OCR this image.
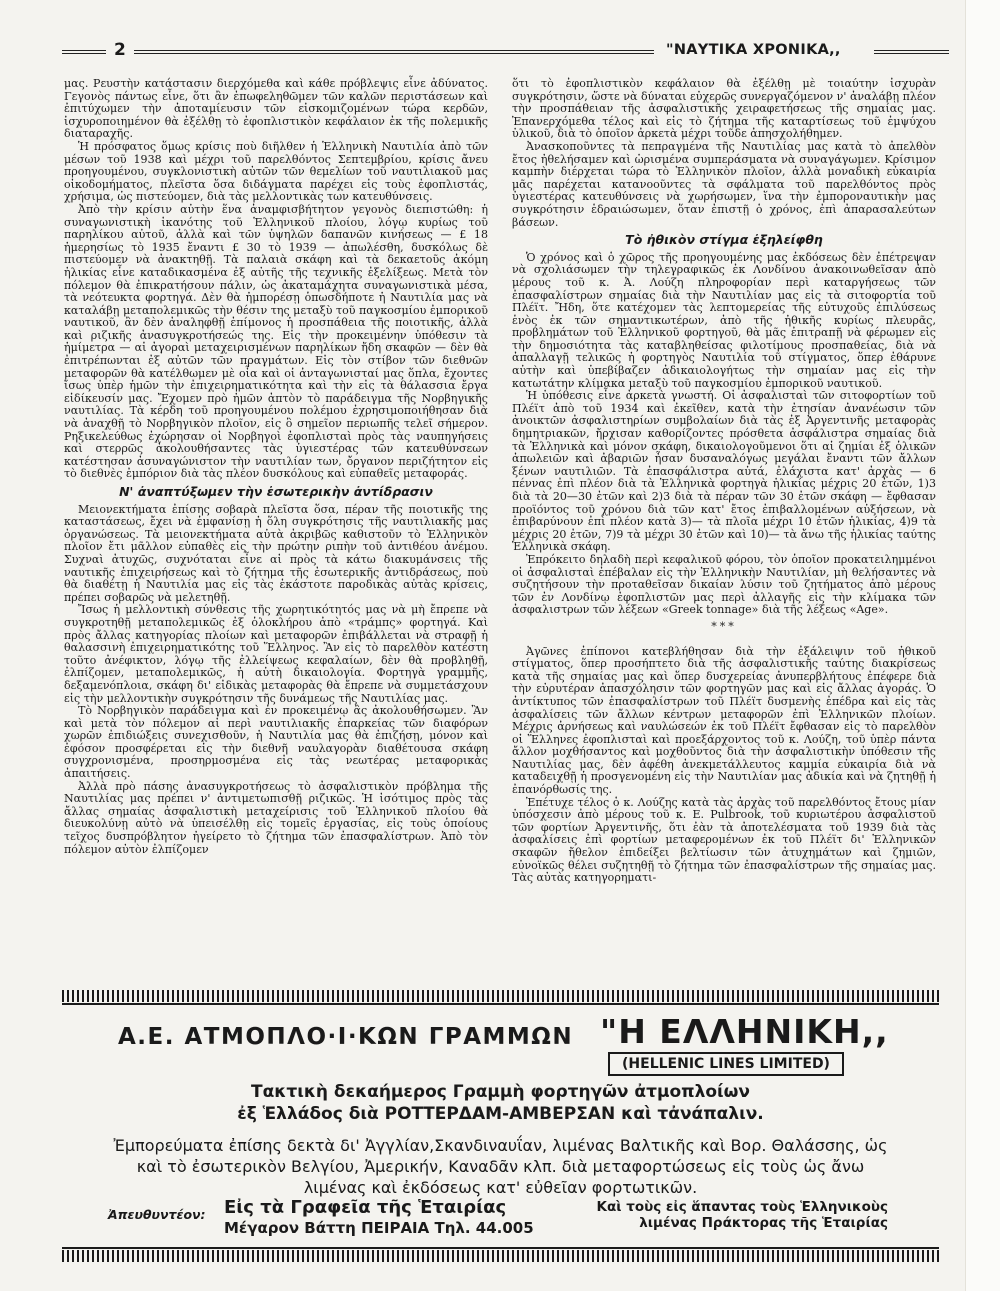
2	"ΝΑΥΤΙΚΑ ΧΡΟΝΙΚΑ,,

μας. Ρευστὴν κατάστασιν διερχόμεθα καὶ κάθε πρόβλεψις εἶνε ἀδύνατος. Γεγονὸς πάντως εἶνε, ὅτι ἂν ἐπωφεληθῶμεν τῶν καλῶν περιστάσεων καὶ ἐπιτύχωμεν τὴν ἀποταμίευσιν τῶν εἰσκομιζομένων τώρα κερδῶν, ἰσχυροποιημένον θὰ ἐξέλθῃ τὸ ἐφοπλιστικὸν κεφάλαιον ἐκ τῆς πολεμικῆς διαταραχῆς.

Ἡ πρόσφατος ὅμως κρίσις ποὺ διῆλθεν ἡ Ἑλληνικὴ Ναυτιλία ἀπὸ τῶν μέσων τοῦ 1938 καὶ μέχρι τοῦ παρελθόντος Σεπτεμβρίου, κρίσις ἄνευ προηγουμένου, συγκλονιστικὴ αὐτῶν τῶν θεμελίων τοῦ ναυτιλιακοῦ μας οἰκοδομήματος, πλεῖστα ὅσα διδάγματα παρέχει εἰς τοὺς ἐφοπλιστάς, χρήσιμα, ὡς πιστεύομεν, διὰ τὰς μελλοντικὰς των κατευθύνσεις.

Ἀπὸ τὴν κρίσιν αὐτὴν ἕνα ἀναμφισβήτητον γεγονὸς διεπιστώθη: ἡ συναγωνιστικὴ ἱκανότης τοῦ Ἑλληνικοῦ πλοίου, λόγῳ κυρίως τοῦ παρηλίκου αὐτοῦ, ἀλλὰ καὶ τῶν ὑψηλῶν δαπανῶν κινήσεως — £ 18 ἡμερησίως τὸ 1935 ἔναντι £ 30 τὸ 1939 — ἀπωλέσθη, δυσκόλως δὲ πιστεύομεν νὰ ἀνακτηθῇ. Τὰ παλαιὰ σκάφη καὶ τὰ δεκαετοῦς ἀκόμη ἡλικίας εἶνε καταδικασμένα ἐξ αὐτῆς τῆς τεχνικῆς ἐξελίξεως. Μετὰ τὸν πόλεμον θὰ ἐπικρατήσουν πάλιν, ὡς ἀκαταμάχητα συναγωνιστικὰ μέσα, τὰ νεότευκτα φορτηγά. Δὲν θὰ ἠμπορέσῃ ὁπωσδήποτε ἡ Ναυτιλία μας νὰ καταλάβῃ μεταπολεμικῶς τὴν θέσιν της μεταξὺ τοῦ παγκοσμίου ἐμπορικοῦ ναυτικοῦ, ἂν δὲν ἀναληφθῇ ἐπίμονος ἡ προσπάθεια τῆς ποιοτικῆς, ἀλλὰ καὶ ριζικῆς ἀνασυγκροτήσεώς της. Εἰς τὴν προκειμένην ὑπόθεσιν τὰ ἡμίμετρα — αἱ ἀγοραὶ μεταχειρισμένων παρηλίκων ἤδη σκαφῶν — δὲν θὰ ἐπιτρέπωνται ἐξ αὐτῶν τῶν πραγμάτων. Εἰς τὸν στίβον τῶν διεθνῶν μεταφορῶν θὰ κατέλθωμεν μὲ οἷα καὶ οἱ ἀνταγωνισταί μας ὅπλα, ἔχοντες ἴσως ὑπὲρ ἡμῶν τὴν ἐπιχειρηματικότητα καὶ τὴν εἰς τὰ θάλασσια ἔργα εἰδίκευσίν μας. Ἔχομεν πρὸ ἡμῶν ἀπτὸν τὸ παράδειγμα τῆς Νορβηγικῆς ναυτιλίας. Τὰ κέρδη τοῦ προηγουμένου πολέμου ἐχρησιμοποιήθησαν διὰ νὰ ἀναχθῇ τὸ Νορβηγικὸν πλοῖον, εἰς ὃ σημεῖον περιωπῆς τελεῖ σήμερον. Ρηξικελεύθως ἐχώρησαν οἱ Νορβηγοὶ ἐφοπλισταὶ πρὸς τὰς ναυπηγήσεις καὶ στερρῶς ἀκολουθήσαντες τὰς ὑγιεστέρας τῶν κατευθύνσεων κατέστησαν ἀσυναγώνιστον τὴν ναυτιλίαν των, ὄργανον περιζήτητον εἰς τὸ διεθνὲς ἐμπόριον διὰ τὰς πλέον δυσκόλους καὶ εὐπαθεῖς μεταφοράς.

Ν' ἀναπτύξωμεν τὴν ἐσωτερικὴν ἀντίδρασιν

Μειονεκτήματα ἐπίσης σοβαρὰ πλεῖστα ὅσα, πέραν τῆς ποιοτικῆς της καταστάσεως, ἔχει νὰ ἐμφανίσῃ ἡ ὅλη συγκρότησις τῆς ναυτιλιακῆς μας ὀργανώσεως. Τὰ μειονεκτήματα αὐτὰ ἀκριβῶς καθιστοῦν τὸ Ἑλληνικὸν πλοῖον ἔτι μᾶλλον εὐπαθὲς εἰς τὴν πρώτην ριπὴν τοῦ ἀντιθέου ἀνέμου. Συχναὶ ἀτυχῶς, συχνόταται εἶνε αἱ πρὸς τὰ κάτω διακυμάνσεις τῆς ναυτικῆς ἐπιχειρήσεως καὶ τὸ ζήτημα τῆς ἐσωτερικῆς ἀντιδράσεως, ποὺ θὰ διαθέτῃ ἡ Ναυτιλία μας εἰς τὰς ἑκάστοτε παροδικὰς αὐτὰς κρίσεις, πρέπει σοβαρῶς νὰ μελετηθῇ.

Ἴσως ἡ μελλοντικὴ σύνθεσις τῆς χωρητικότητός μας νὰ μὴ ἔπρεπε νὰ συγκροτηθῇ μεταπολεμικῶς ἐξ ὁλοκλήρου ἀπὸ «τράμπς» φορτηγά. Καὶ πρὸς ἄλλας κατηγορίας πλοίων καὶ μεταφορῶν ἐπιβάλλεται νὰ στραφῇ ἡ θαλασσινὴ ἐπιχειρηματικότης τοῦ Ἕλληνος. Ἂν εἰς τὸ παρελθὸν κατέστη τοῦτο ἀνέφικτον, λόγῳ τῆς ἐλλείψεως κεφαλαίων, δὲν θὰ προβληθῇ, ἐλπίζομεν, μεταπολεμικῶς, ἡ αὐτὴ δικαιολογία. Φορτηγὰ γραμμῆς, δεξαμενόπλοια, σκάφη δι' εἰδικὰς μεταφορὰς θὰ ἔπρεπε νὰ συμμετάσχουν εἰς τὴν μελλοντικὴν συγκρότησιν τῆς δυνάμεως τῆς Ναυτιλίας μας.

Τὸ Νορβηγικὸν παράδειγμα καὶ ἐν προκειμένῳ ἂς ἀκολουθήσωμεν. Ἂν καὶ μετὰ τὸν πόλεμον αἱ περὶ ναυτιλιακῆς ἐπαρκείας τῶν διαφόρων χωρῶν ἐπιδιώξεις συνεχισθοῦν, ἡ Ναυτιλία μας θὰ ἐπιζήσῃ, μόνον καὶ ἐφόσον προσφέρεται εἰς τὴν διεθνῆ ναυλαγορὰν διαθέτουσα σκάφη συγχρονισμένα, προσηρμοσμένα εἰς τὰς νεωτέρας μεταφορικὰς ἀπαιτήσεις.

Ἀλλὰ πρὸ πάσης ἀνασυγκροτήσεως τὸ ἀσφαλιστικὸν πρόβλημα τῆς Ναυτιλίας μας πρέπει ν' ἀντιμετωπισθῇ ριζικῶς. Ἡ ἰσότιμος πρὸς τὰς ἄλλας σημαίας ἀσφαλιστικὴ μεταχείρισις τοῦ Ἑλληνικοῦ πλοίου θὰ διευκολύνῃ αὐτὸ νὰ ὑπεισέλθῃ εἰς τομεῖς ἐργασίας, εἰς τοὺς ὁποίους τεῖχος δυσπρόβλητον ἠγείρετο τὸ ζήτημα τῶν ἐπασφαλίστρων. Ἀπὸ τὸν πόλεμον αὐτὸν ἐλπίζομεν

ὅτι τὸ ἐφοπλιστικὸν κεφάλαιον θὰ ἐξέλθῃ μὲ τοιαύτην ἰσχυρὰν συγκρότησιν, ὥστε νὰ δύναται εὐχερῶς συνεργαζόμενον ν' ἀναλάβῃ πλέον τὴν προσπάθειαν τῆς ἀσφαλιστικῆς χειραφετήσεως τῆς σημαίας μας. Ἐπανερχόμεθα τέλος καὶ εἰς τὸ ζήτημα τῆς καταρτίσεως τοῦ ἐμψύχου ὑλικοῦ, διὰ τὸ ὁποῖον ἀρκετὰ μέχρι τοῦδε ἀπησχολήθημεν.

Ἀνασκοποῦντες τὰ πεπραγμένα τῆς Ναυτιλίας μας κατὰ τὸ ἀπελθὸν ἔτος ἠθελήσαμεν καὶ ὡρισμένα συμπεράσματα νὰ συναγάγωμεν. Κρίσιμον καμπὴν διέρχεται τώρα τὸ Ἑλληνικὸν πλοῖον, ἀλλὰ μοναδικὴ εὐκαιρία μᾶς παρέχεται κατανοοῦντες τὰ σφάλματα τοῦ παρελθόντος πρὸς ὑγιεστέρας κατευθύνσεις νὰ χωρήσωμεν, ἵνα τὴν ἐμποροναυτικὴν μας συγκρότησιν ἑδραιώσωμεν, ὅταν ἐπιστῇ ὁ χρόνος, ἐπὶ ἀπαρασαλεύτων βάσεων.

Τὸ ἠθικὸν στίγμα ἐξηλείφθη

Ὁ χρόνος καὶ ὁ χῶρος τῆς προηγουμένης μας ἐκδόσεως δὲν ἐπέτρεψαν νὰ σχολιάσωμεν τὴν τηλεγραφικῶς ἐκ Λονδίνου ἀνακοινωθεῖσαν ἀπὸ μέρους τοῦ κ. Ἀ. Λούζη πληροφορίαν περὶ καταργήσεως τῶν ἐπασφαλίστρων σημαίας διὰ τὴν Ναυτιλίαν μας εἰς τὰ σιτοφορτία τοῦ Πλέϊτ. Ἤδη, ὅτε κατέχομεν τὰς λεπτομερείας τῆς εὐτυχοῦς ἐπιλύσεως ἑνὸς ἐκ τῶν σημαντικωτέρων, ἀπὸ τῆς ἠθικῆς κυρίως πλευρᾶς, προβλημάτων τοῦ Ἑλληνικοῦ φορτηγοῦ, θὰ μᾶς ἐπιτραπῇ νὰ φέρωμεν εἰς τὴν δημοσιότητα τὰς καταβληθείσας φιλοτίμους προσπαθείας, διὰ νὰ ἀπαλλαγῇ τελικῶς ἡ φορτηγὸς Ναυτιλία τοῦ στίγματος, ὅπερ ἐθάρυνε αὐτὴν καὶ ὑπεβίβαζεν ἀδικαιολογήτως τὴν σημαίαν μας εἰς τὴν κατωτάτην κλίμακα μεταξὺ τοῦ παγκοσμίου ἐμπορικοῦ ναυτικοῦ.

Ἡ ὑπόθεσις εἶνε ἀρκετὰ γνωστή. Οἱ ἀσφαλισταὶ τῶν σιτοφορτίων τοῦ Πλέϊτ ἀπὸ τοῦ 1934 καὶ ἐκεῖθεν, κατὰ τὴν ἐτησίαν ἀνανέωσιν τῶν ἀνοικτῶν ἀσφαλιστηρίων συμβολαίων διὰ τὰς ἐξ Ἀργεντινῆς μεταφορὰς δημητριακῶν, ἤρχισαν καθορίζοντες πρόσθετα ἀσφάλιστρα σημαίας διὰ τὰ Ἑλληνικὰ καὶ μόνον σκάφη, δικαιολογοῦμενοι ὅτι αἱ ζημίαι ἐξ ὁλικῶν ἀπωλειῶν καὶ ἀβαριῶν ἦσαν δυσαναλόγως μεγάλαι ἔναντι τῶν ἄλλων ξένων ναυτιλιῶν. Τὰ ἐπασφάλιστρα αὐτά, ἐλάχιστα κατ' ἀρχὰς — 6 πέννας ἐπὶ πλέον διὰ τὰ Ἑλληνικὰ φορτηγὰ ἡλικίας μέχρις 20 ἐτῶν, 1)3 διὰ τὰ 20—30 ἐτῶν καὶ 2)3 διὰ τὰ πέραν τῶν 30 ἐτῶν σκάφη — ἔφθασαν προϊόντος τοῦ χρόνου διὰ τῶν κατ' ἔτος ἐπιβαλλομένων αὐξήσεων, νὰ ἐπιβαρύνουν ἐπὶ πλέον κατὰ 3)— τὰ πλοῖα μέχρι 10 ἐτῶν ἡλικίας, 4)9 τὰ μέχρις 20 ἐτῶν, 7)9 τὰ μέχρι 30 ἐτῶν καὶ 10)— τὰ ἄνω τῆς ἡλικίας ταύτης Ἑλληνικὰ σκάφη.

Ἐπρόκειτο δηλαδὴ περὶ κεφαλικοῦ φόρου, τὸν ὁποῖον προκατειλημμένοι οἱ ἀσφαλισταὶ ἐπέβαλαν εἰς τὴν Ἑλληνικὴν Ναυτιλίαν, μὴ θελήσαντες νὰ συζητήσουν τὴν προταθεῖσαν δικαίαν λύσιν τοῦ ζητήματος ἀπὸ μέρους τῶν ἐν Λονδίνῳ ἐφοπλιστῶν μας περὶ ἀλλαγῆς εἰς τὴν κλίμακα τῶν ἀσφαλιστρων τῶν λέξεων «Greek tonnage» διὰ τῆς λέξεως «Age».

***

Ἀγῶνες ἐπίπονοι κατεβλήθησαν διὰ τὴν ἐξάλειψιν τοῦ ἠθικοῦ στίγματος, ὅπερ προσήπτετο διὰ τῆς ἀσφαλιστικῆς ταύτης διακρίσεως κατὰ τῆς σημαίας μας καὶ ὅπερ δυσχερείας ἀνυπερβλήτους ἐπέφερε διὰ τὴν εὐρυτέραν ἀπασχόλησιν τῶν φορτηγῶν μας καὶ εἰς ἄλλας ἀγοράς. Ὁ ἀντίκτυπος τῶν ἐπασφαλίστρων τοῦ Πλέϊτ δυσμενὴς ἐπέδρα καὶ εἰς τὰς ἀσφαλίσεις τῶν ἄλλων κέντρων μεταφορῶν ἐπὶ Ἑλληνικῶν πλοίων. Μέχρις ἀρνήσεως καὶ ναυλώσεών ἐκ τοῦ Πλέϊτ ἔφθασαν εἰς τὸ παρελθὸν οἱ Ἕλληνες ἐφοπλισταὶ καὶ προεξάρχοντος τοῦ κ. Λούζη, τοῦ ὑπὲρ πάντα ἄλλον μοχθήσαντος καὶ μοχθοῦντος διὰ τὴν ἀσφαλιστικὴν ὑπόθεσιν τῆς Ναυτιλίας μας, δὲν ἀφέθη ἀνεκμετάλλευτος καμμία εὐκαιρία διὰ νὰ καταδειχθῇ ἡ προσγενομένη εἰς τὴν Ναυτιλίαν μας ἀδικία καὶ νὰ ζητηθῇ ἡ ἐπανόρθωσίς της.

Ἐπέτυχε τέλος ὁ κ. Λούζης κατὰ τὰς ἀρχὰς τοῦ παρελθόντος ἔτους μίαν ὑπόσχεσιν ἀπὸ μέρους τοῦ κ. E. Pulbrook, τοῦ κυριωτέρου ἀσφαλιστοῦ τῶν φορτίων Ἀργεντινῆς, ὅτι ἐὰν τὰ ἀποτελέσματα τοῦ 1939 διὰ τὰς ἀσφαλίσεις ἐπὶ φορτίων μεταφερομένων ἐκ τοῦ Πλέϊτ δι' Ἑλληνικῶν σκαφῶν ἤθελον ἐπιδείξει βελτίωσιν τῶν ἀτυχημάτων καὶ ζημιῶν, εὐνοϊκῶς θέλει συζητηθῇ τὸ ζήτημα τῶν ἐπασφαλίστρων τῆς σημαίας μας. Τὰς αὐτὰς κατηγορηματι-

Α.Ε. ΑΤΜΟΠΛΟ·Ι·ΚΩΝ ΓΡΑΜΜΩΝ "Η ΕΛΛΗΝΙΚΗ,,
(HELLENIC LINES LIMITED)
Τακτικὴ δεκαήμερος Γραμμὴ φορτηγῶν ἀτμοπλοίων
ἐξ Ἑλλάδος διὰ ΡΟΤΤΕΡΔΑΜ-ΑΜΒΕΡΣΑΝ καὶ τἀνάπαλιν.
Ἐμπορεύματα ἐπίσης δεκτὰ δι' Ἀγγλίαν,Σκανδιναυΐαν, λιμένας Βαλτικῆς καὶ Βορ. Θαλάσσης, ὡς καὶ τὸ ἐσωτερικὸν Βελγίου, Ἀμερικήν, Καναδᾶν κλπ. διὰ μεταφορτώσεως εἰς τοὺς ὡς ἄνω λιμένας καὶ ἐκδόσεως κατ' εὐθεῖαν φορτωτικῶν.
Ἀπευθυντέον: Εἰς τὰ Γραφεῖα τῆς Ἑταιρίας
Μέγαρον Βάττη ΠΕΙΡΑΙΑ Τηλ. 44.005
Καὶ τοὺς εἰς ἅπαντας τοὺς Ἑλληνικοὺς λιμένας Πράκτορας τῆς Ἑταιρίας
